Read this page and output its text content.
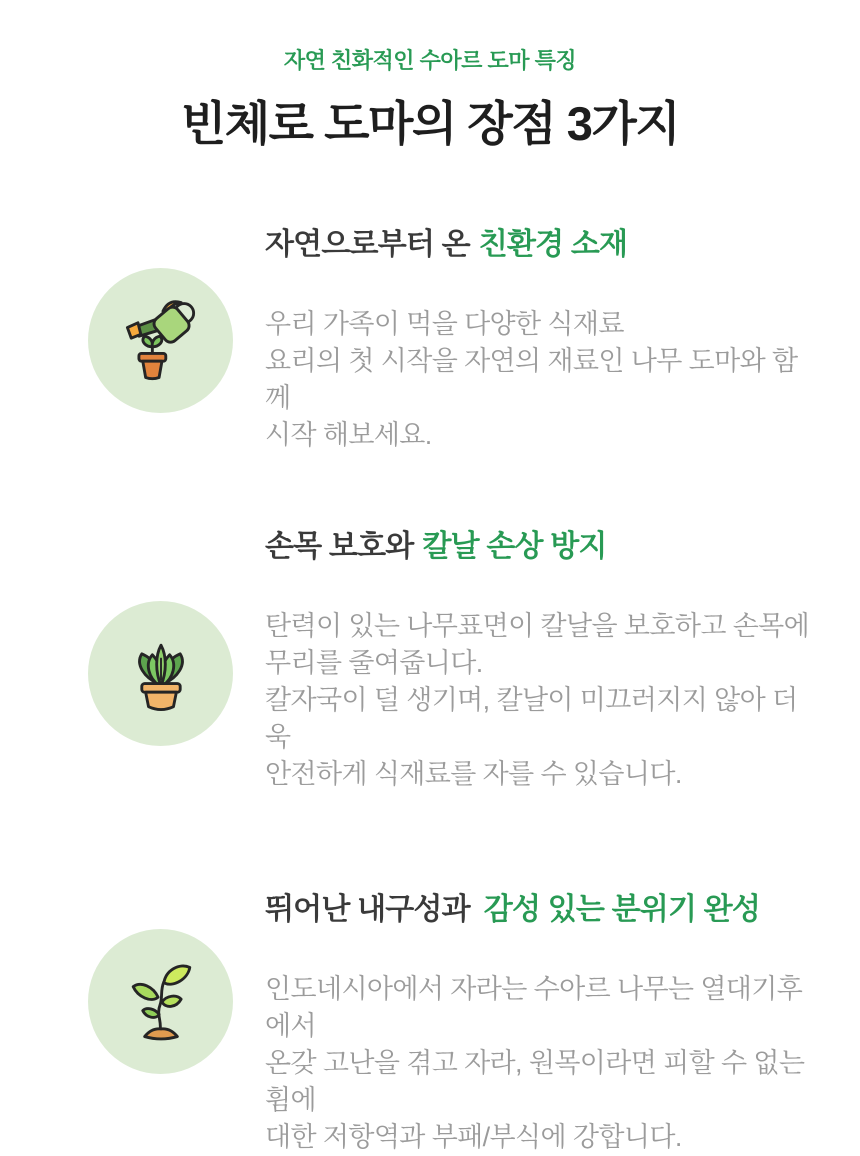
자연 친화적인 수아르 도마 특징
빈체로 도마의 장점 3가지
자연으로부터 온 친환경 소재
우리 가족이 먹을 다양한 식재료
요리의 첫 시작을 자연의 재료인 나무 도마와 함께
시작 해보세요.
손목 보호와 칼날 손상 방지
탄력이 있는 나무표면이 칼날을 보호하고 손목에
무리를 줄여줍니다.
칼자국이 덜 생기며, 칼날이 미끄러지지 않아 더욱
안전하게 식재료를 자를 수 있습니다.
뛰어난 내구성과 감성 있는 분위기 완성
인도네시아에서 자라는 수아르 나무는 열대기후에서
온갖 고난을 겪고 자라, 원목이라면 피할 수 없는 휨에
대한 저항역과 부패/부식에 강합니다.
